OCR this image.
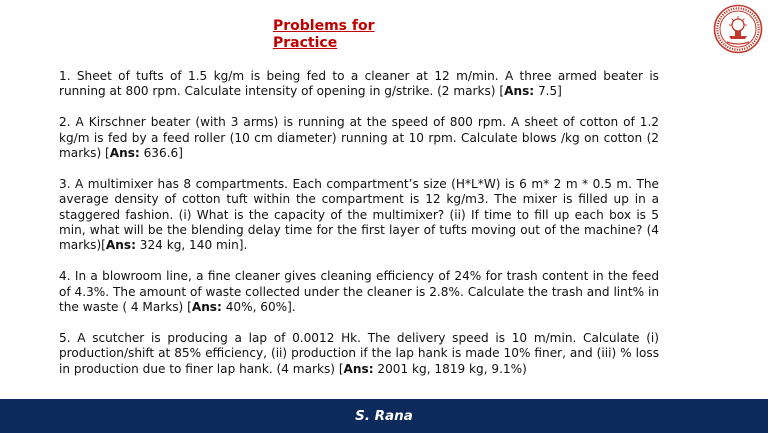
Problems for Practice

1. Sheet of tufts of 1.5 kg/m is being fed to a cleaner at 12 m/min. A three armed beater is running at 800 rpm. Calculate intensity of opening in g/strike. (2 marks) [Ans: 7.5]

2. A Kirschner beater (with 3 arms) is running at the speed of 800 rpm. A sheet of cotton of 1.2 kg/m is fed by a feed roller (10 cm diameter) running at 10 rpm. Calculate blows /kg on cotton (2 marks) [Ans: 636.6]

3. A multimixer has 8 compartments. Each compartment’s size (H*L*W) is 6 m* 2 m * 0.5 m. The average density of cotton tuft within the compartment is 12 kg/m3. The mixer is filled up in a staggered fashion. (i) What is the capacity of the multimixer? (ii) If time to fill up each box is 5 min, what will be the blending delay time for the first layer of tufts moving out of the machine? (4 marks)[Ans: 324 kg, 140 min].

4. In a blowroom line, a fine cleaner gives cleaning efficiency of 24% for trash content in the feed of 4.3%. The amount of waste collected under the cleaner is 2.8%. Calculate the trash and lint% in the waste ( 4 Marks) [Ans: 40%, 60%].

5. A scutcher is producing a lap of 0.0012 Hk. The delivery speed is 10 m/min. Calculate (i) production/shift at 85% efficiency, (ii) production if the lap hank is made 10% finer, and (iii) % loss in production due to finer lap hank. (4 marks) [Ans: 2001 kg, 1819 kg, 9.1%)

S. Rana
